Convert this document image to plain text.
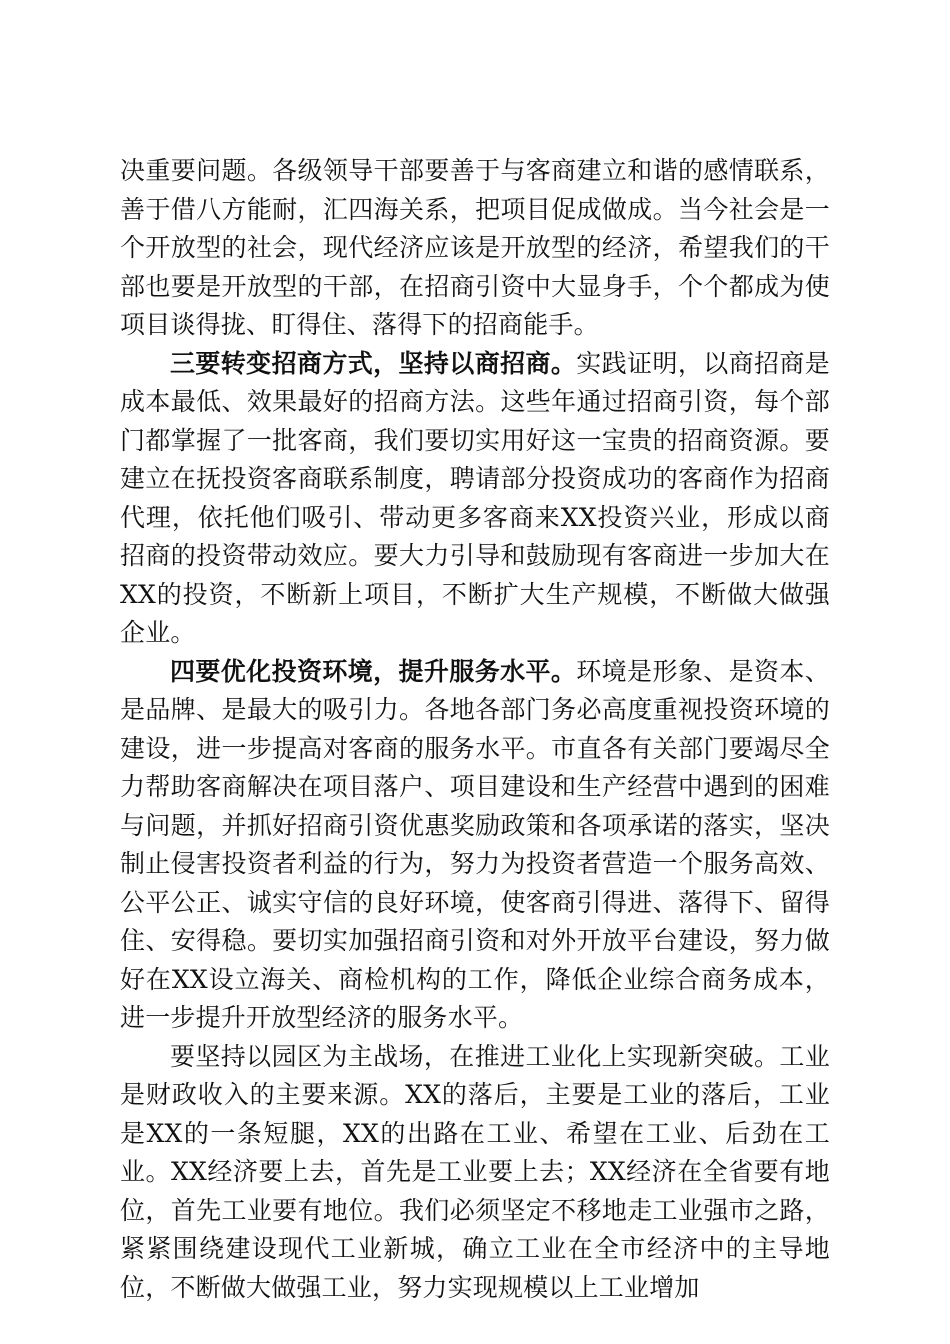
决重要问题。各级领导干部要善于与客商建立和谐的感情联系，善于借八方能耐，汇四海关系，把项目促成做成。当今社会是一个开放型的社会，现代经济应该是开放型的经济，希望我们的干部也要是开放型的干部，在招商引资中大显身手，个个都成为使项目谈得拢、盯得住、落得下的招商能手。

三要转变招商方式，坚持以商招商。实践证明，以商招商是成本最低、效果最好的招商方法。这些年通过招商引资，每个部门都掌握了一批客商，我们要切实用好这一宝贵的招商资源。要建立在抚投资客商联系制度，聘请部分投资成功的客商作为招商代理，依托他们吸引、带动更多客商来XX投资兴业，形成以商招商的投资带动效应。要大力引导和鼓励现有客商进一步加大在XX的投资，不断新上项目，不断扩大生产规模，不断做大做强企业。

四要优化投资环境，提升服务水平。环境是形象、是资本、是品牌、是最大的吸引力。各地各部门务必高度重视投资环境的建设，进一步提高对客商的服务水平。市直各有关部门要竭尽全力帮助客商解决在项目落户、项目建设和生产经营中遇到的困难与问题，并抓好招商引资优惠奖励政策和各项承诺的落实，坚决制止侵害投资者利益的行为，努力为投资者营造一个服务高效、公平公正、诚实守信的良好环境，使客商引得进、落得下、留得住、安得稳。要切实加强招商引资和对外开放平台建设，努力做好在XX设立海关、商检机构的工作，降低企业综合商务成本，进一步提升开放型经济的服务水平。

要坚持以园区为主战场，在推进工业化上实现新突破。工业是财政收入的主要来源。XX的落后，主要是工业的落后，工业是XX的一条短腿，XX的出路在工业、希望在工业、后劲在工业。XX经济要上去，首先是工业要上去；XX经济在全省要有地位，首先工业要有地位。我们必须坚定不移地走工业强市之路，紧紧围绕建设现代工业新城，确立工业在全市经济中的主导地位，不断做大做强工业，努力实现规模以上工业增加
